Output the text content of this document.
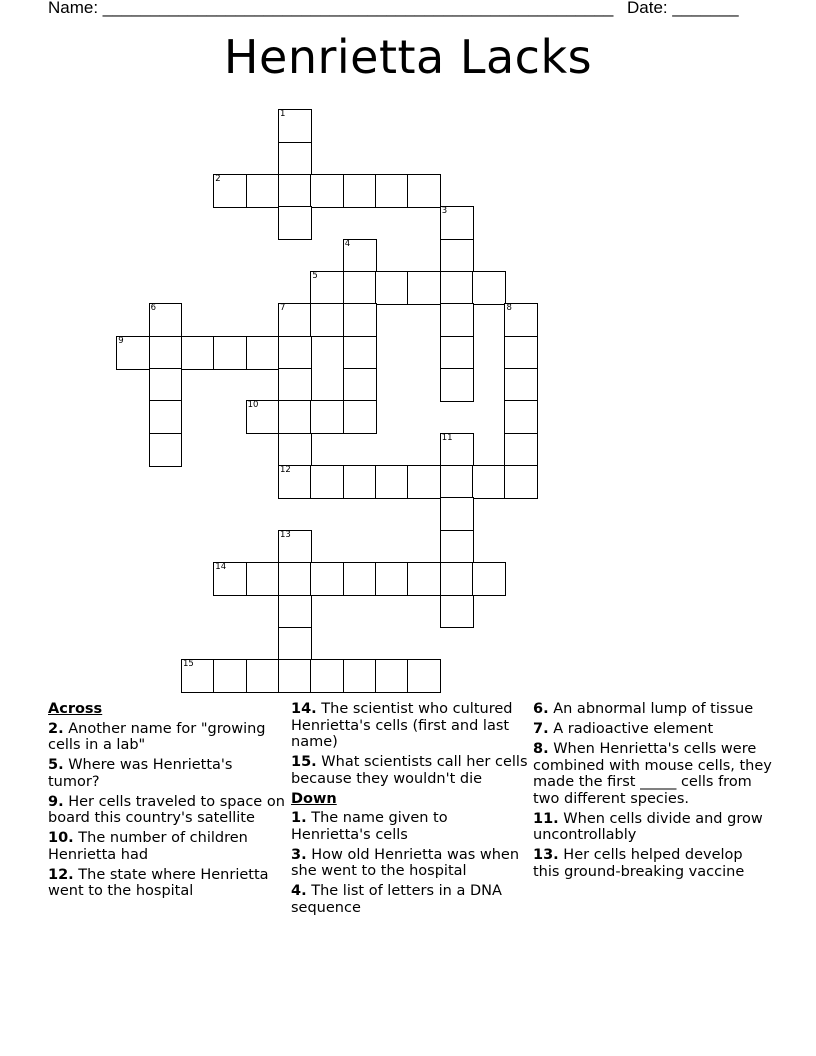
Name: ______________________________________________________ Date: _______
Henrietta Lacks
1
2
3
4
5
6	7	8
9
10
11
12
13
14
15
Across
2. Another name for "growing cells in a lab"
5. Where was Henrietta's tumor?
9. Her cells traveled to space on board this country's satellite
10. The number of children Henrietta had
12. The state where Henrietta went to the hospital
14. The scientist who cultured Henrietta's cells (first and last name)
15. What scientists call her cells because they wouldn't die
Down
1. The name given to Henrietta's cells
3. How old Henrietta was when she went to the hospital
4. The list of letters in a DNA sequence
6. An abnormal lump of tissue
7. A radioactive element
8. When Henrietta's cells were combined with mouse cells, they made the first _____ cells from two different species.
11. When cells divide and grow uncontrollably
13. Her cells helped develop this ground-breaking vaccine
